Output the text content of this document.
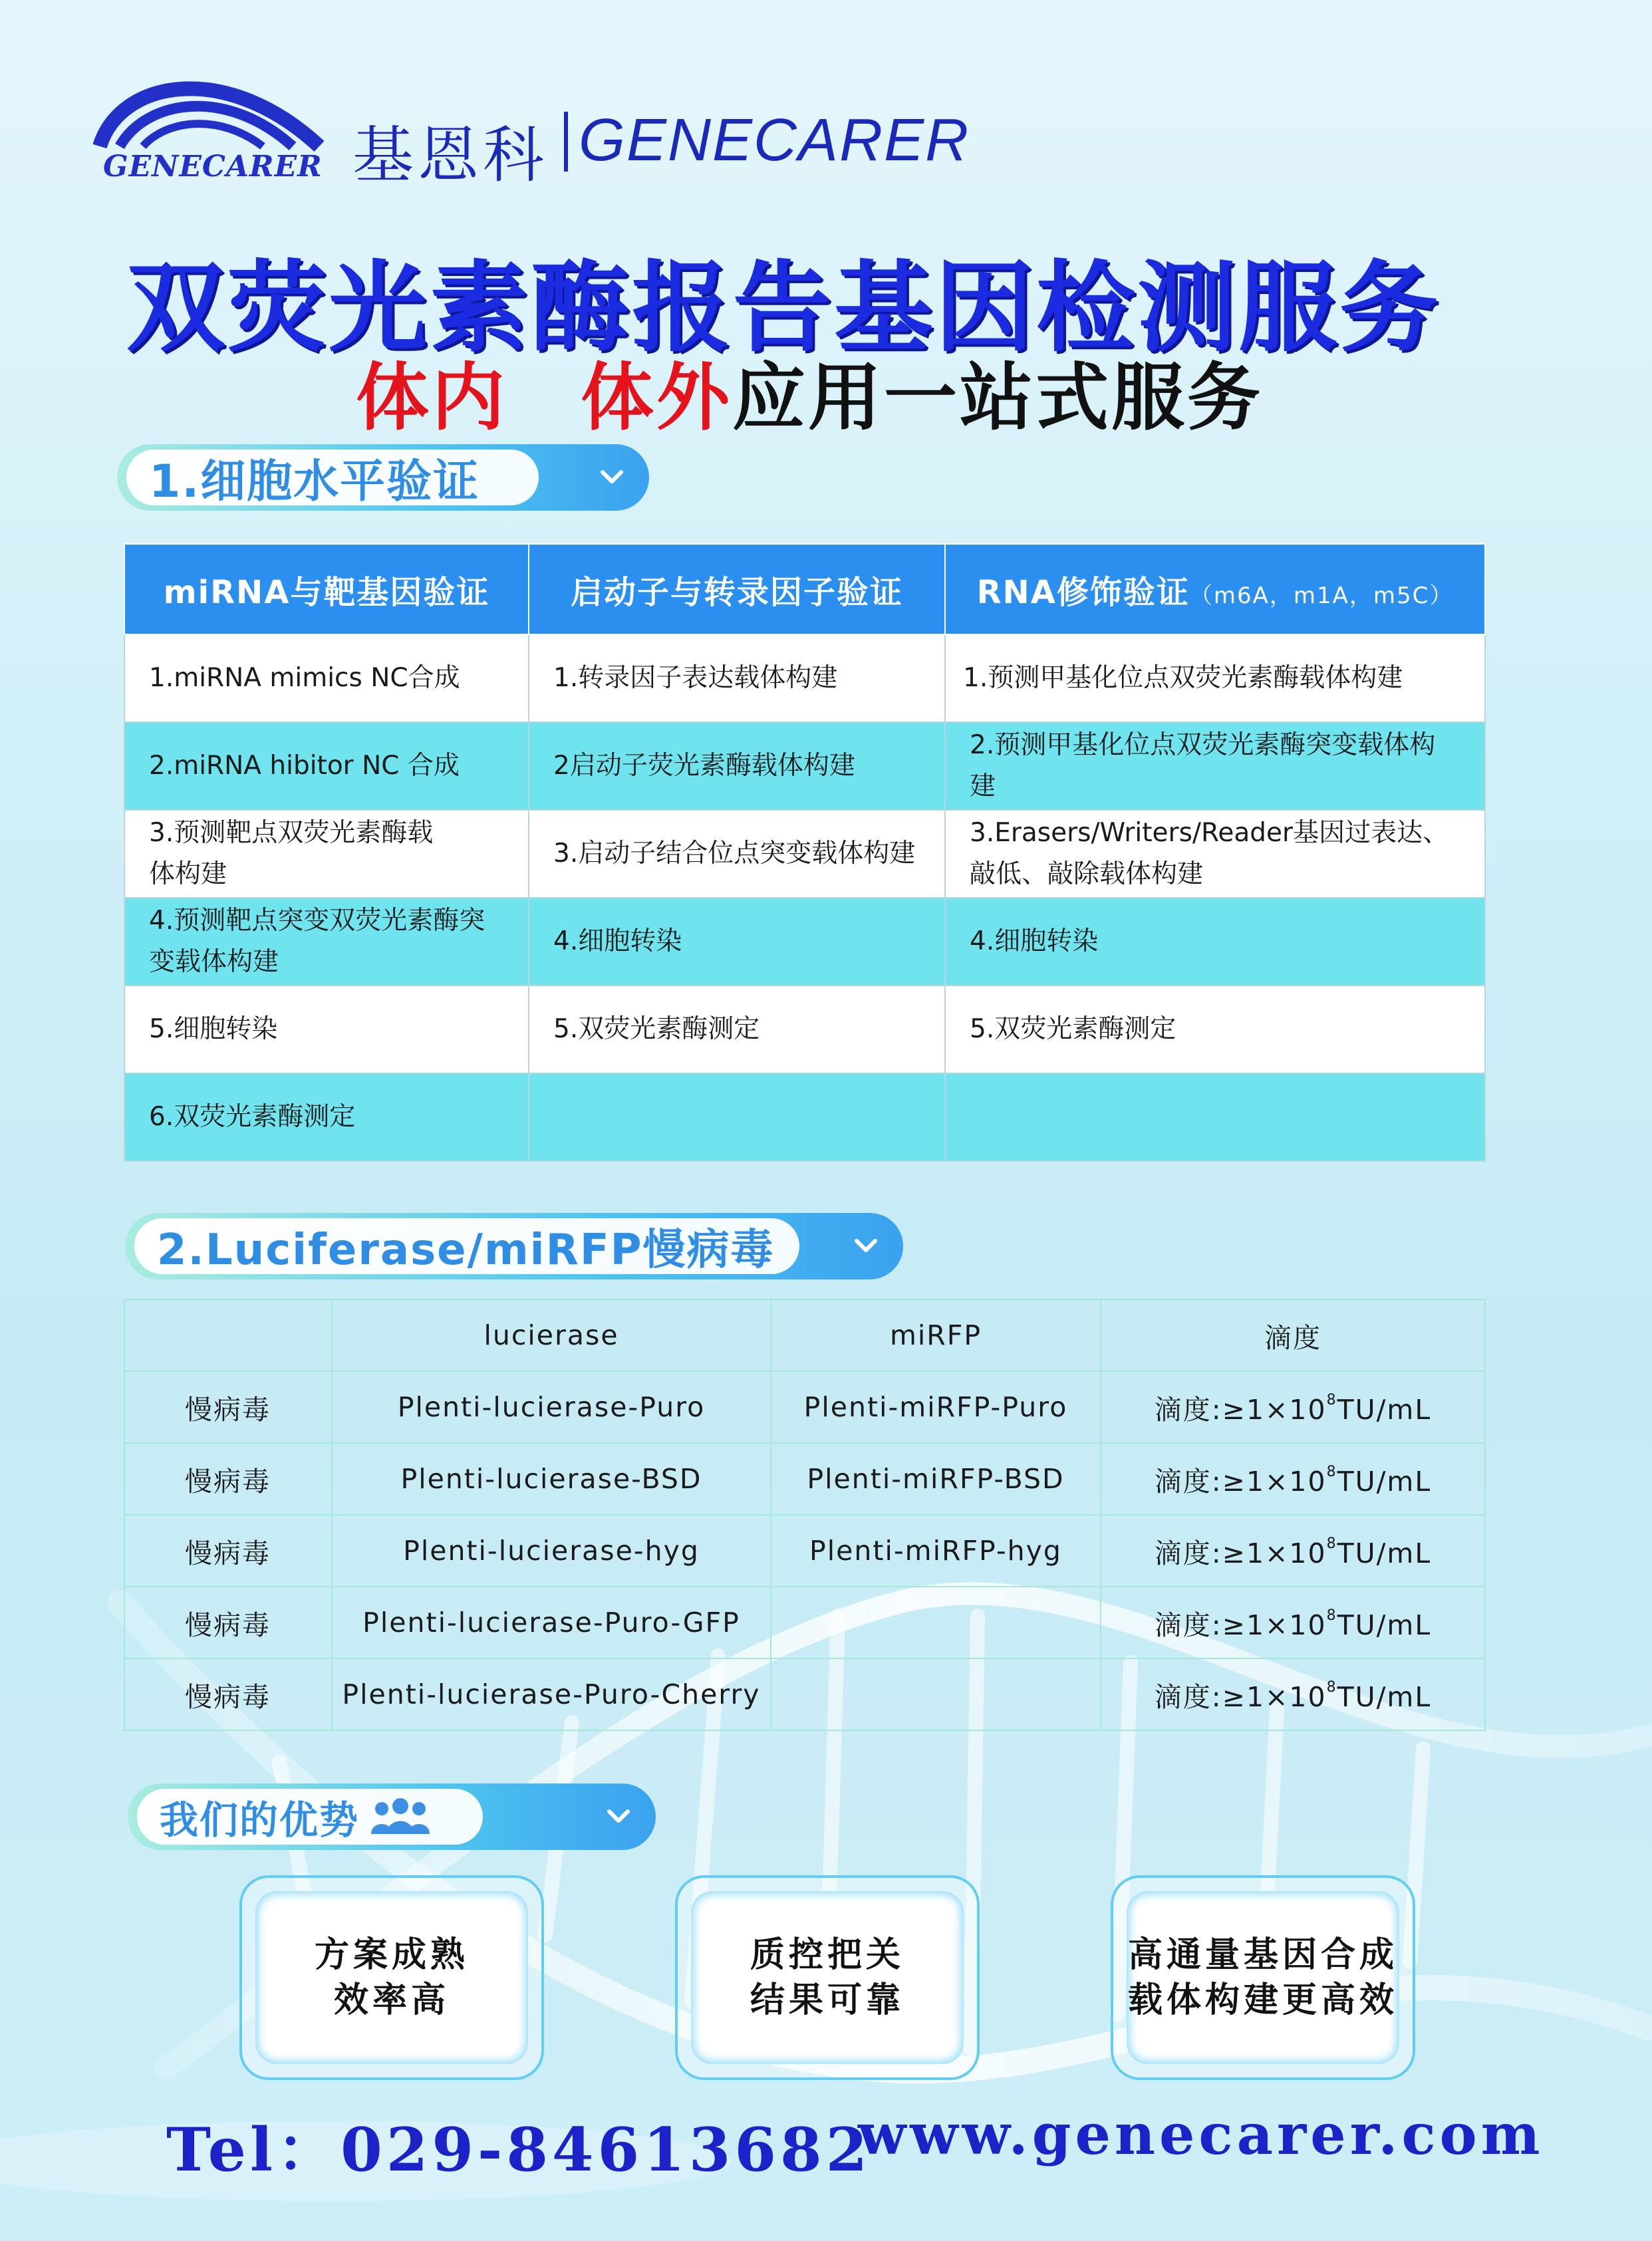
GENECARER 基恩科 GENECARER
双荧光素酶报告基因检测服务
体内 体外应用一站式服务
1.细胞水平验证
miRNA与靶基因验证	启动子与转录因子验证	RNA修饰验证（m6A，m1A，m5C）
1.miRNA mimics NC合成	1.转录因子表达载体构建	1.预测甲基化位点双荧光素酶载体构建
2.miRNA hibitor NC 合成	2启动子荧光素酶载体构建	2.预测甲基化位点双荧光素酶突变载体构建
3.预测靶点双荧光素酶载体构建	3.启动子结合位点突变载体构建	3.Erasers/Writers/Reader基因过表达、敲低、敲除载体构建
4.预测靶点突变双荧光素酶突变载体构建	4.细胞转染	4.细胞转染
5.细胞转染	5.双荧光素酶测定	5.双荧光素酶测定
6.双荧光素酶测定		
2.Luciferase/miRFP慢病毒
	lucierase	miRFP	滴度
慢病毒	Plenti-lucierase-Puro	Plenti-miRFP-Puro	滴度$:\ge 1\times 10^8TU/mL$
慢病毒	Plenti-lucierase-BSD	Plenti-miRFP-BSD	滴度$:\ge 1\times 10^8TU/mL$
慢病毒	Plenti-lucierase-hyg	Plenti-miRFP-hyg	滴度$:\ge 1\times 10^8TU/mL$
慢病毒	Plenti-lucierase-Puro-GFP		滴度$:\ge 1\times 10^8TU/mL$
慢病毒	Plenti-lucierase-Puro-Cherry		滴度$:\ge 1\times 10^8TU/mL$
我们的优势
方案成熟
效率高
质控把关
结果可靠
高通量基因合成
载体构建更高效
Tel：029-84613682
www.genecarer.com
